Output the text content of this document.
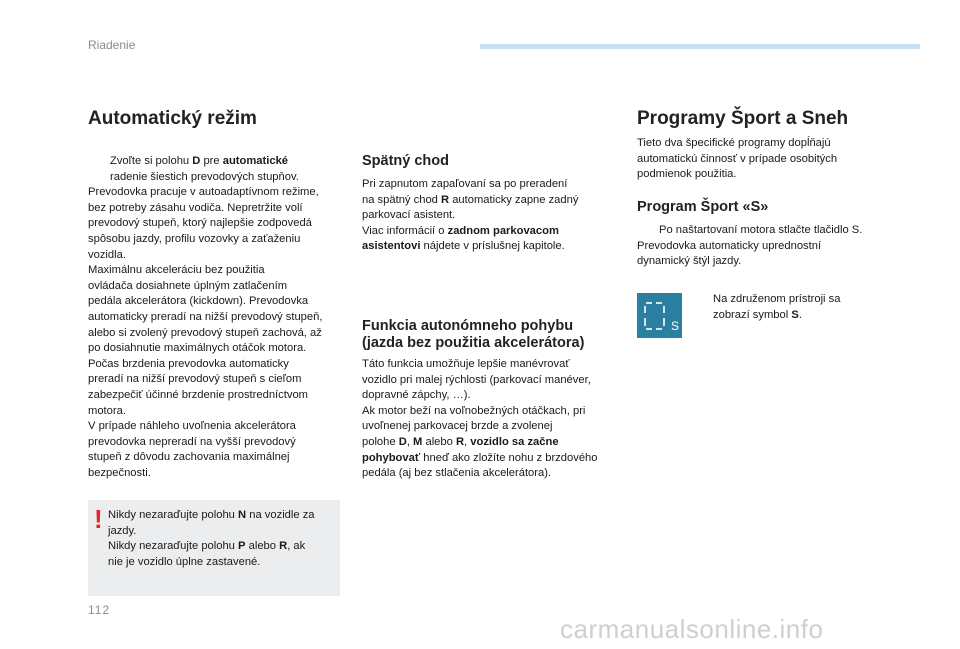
Riadenie
Automatický režim

Zvoľte si polohu D pre automatické
radenie šiestich prevodových stupňov.

Prevodovka pracuje v autoadaptívnom režime,
bez potreby zásahu vodiča. Nepretržite volí
prevodový stupeň, ktorý najlepšie zodpovedá
spôsobu jazdy, profilu vozovky a zaťaženiu
vozidla.
Maximálnu akceleráciu bez použitia
ovládača dosiahnete úplným zatlačením
pedála akcelerátora (kickdown). Prevodovka
automaticky preradí na nižší prevodový stupeň,
alebo si zvolený prevodový stupeň zachová, až
po dosiahnutie maximálnych otáčok motora.
Počas brzdenia prevodovka automaticky
preradí na nižší prevodový stupeň s cieľom
zabezpečiť účinné brzdenie prostredníctvom
motora.
V prípade náhleho uvoľnenia akcelerátora
prevodovka nepreradí na vyšší prevodový
stupeň z dôvodu zachovania maximálnej
bezpečnosti.

! Nikdy nezaraďujte polohu N na vozidle za
jazdy.
Nikdy nezaraďujte polohu P alebo R, ak
nie je vozidlo úplne zastavené.

Spätný chod

Pri zapnutom zapaľovaní sa po preradení
na spätný chod R automaticky zapne zadný
parkovací asistent.
Viac informácií o zadnom parkovacom
asistentovi nájdete v príslušnej kapitole.

Funkcia autonómneho pohybu
(jazda bez použitia akcelerátora)

Táto funkcia umožňuje lepšie manévrovať
vozidlo pri malej rýchlosti (parkovací manéver,
dopravné zápchy, …).
Ak motor beží na voľnobežných otáčkach, pri
uvoľnenej parkovacej brzde a zvolenej
polohe D, M alebo R, vozidlo sa začne
pohybovať hneď ako zložíte nohu z brzdového
pedála (aj bez stlačenia akcelerátora).

Programy Šport a Sneh

Tieto dva špecifické programy dopĺňajú
automatickú činnosť v prípade osobitých
podmienok použitia.

Program Šport «S»

Po naštartovaní motora stlačte tlačidlo S.

Prevodovka automaticky uprednostní
dynamický štýl jazdy.

S

Na združenom prístroji sa
zobrazí symbol S.

112
carmanualsonline.info
